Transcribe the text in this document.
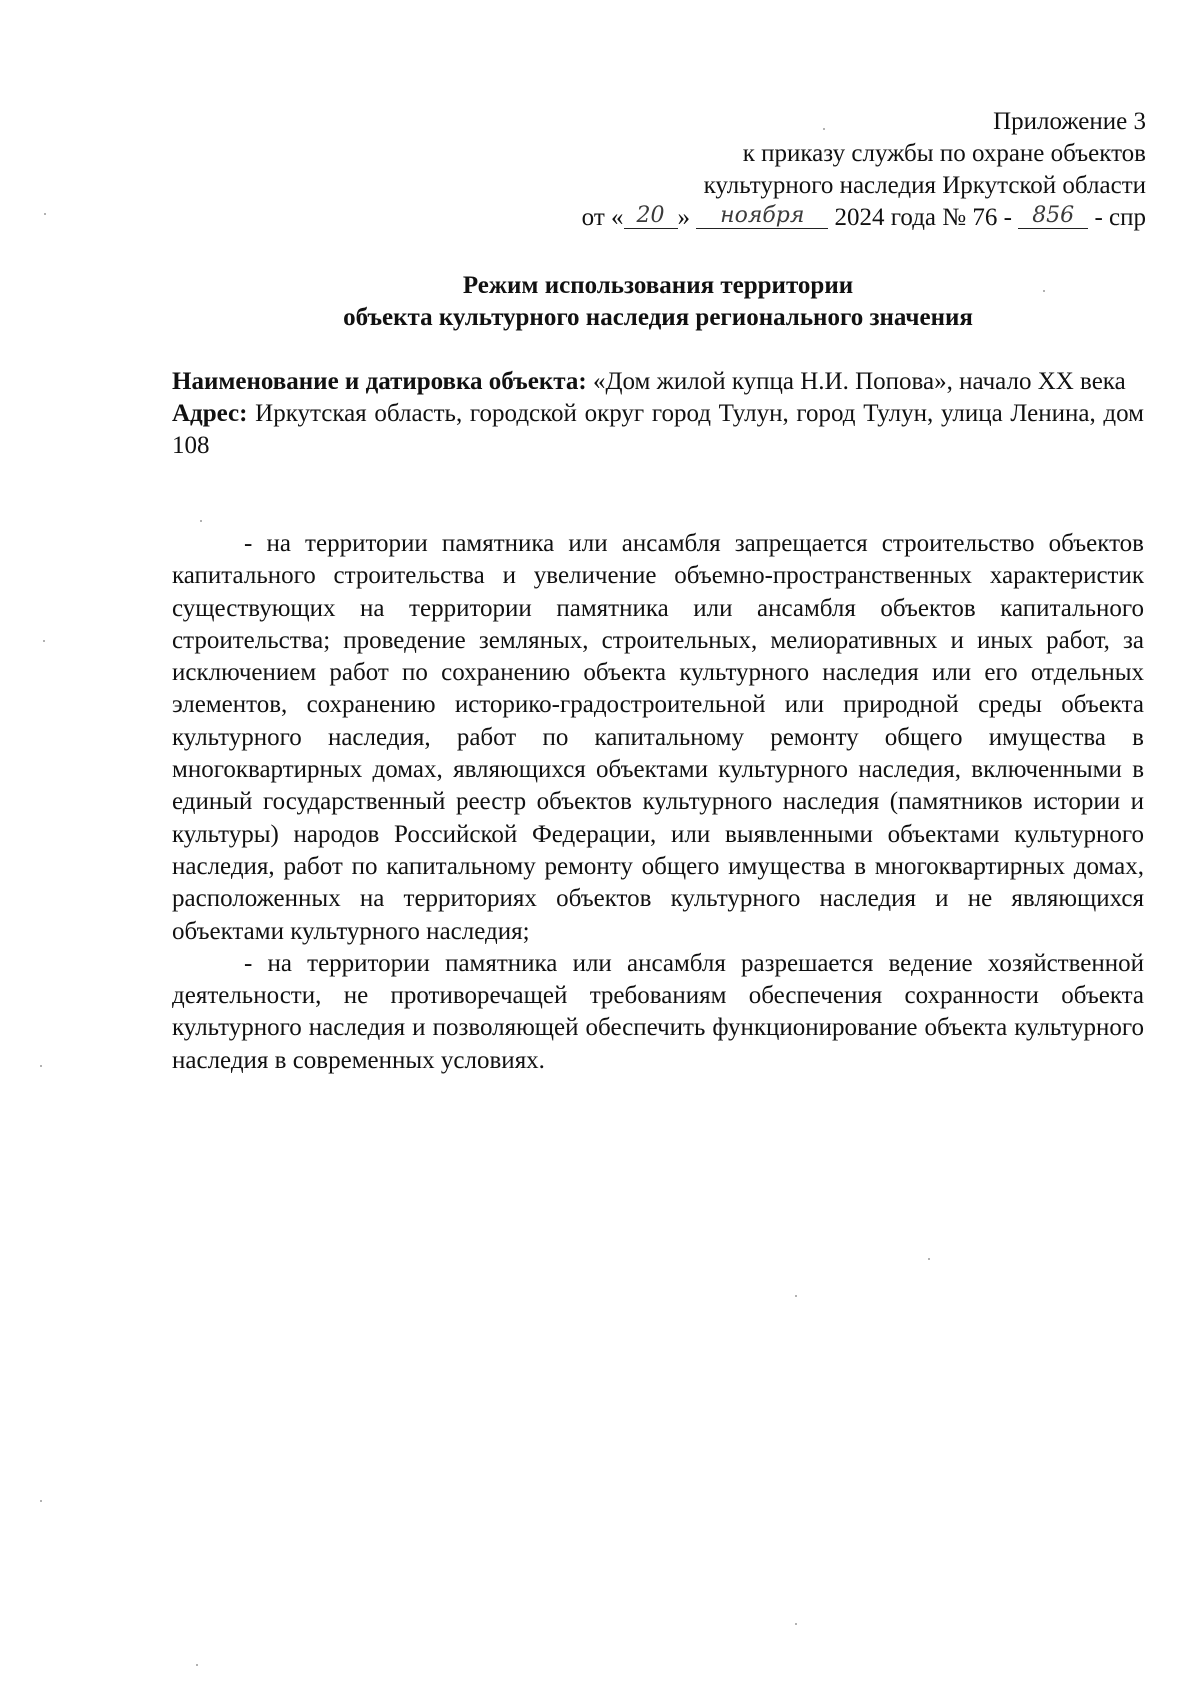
Приложение 3
к приказу службы по охране объектов
культурного наследия Иркутской области
от « 20 » ноября 2024 года № 76 - 856 - спр
Режим использования территории
объекта культурного наследия регионального значения

Наименование и датировка объекта: «Дом жилой купца Н.И. Попова», начало XX века

Адрес: Иркутская область, городской округ город Тулун, город Тулун, улица Ленина, дом 108

- на территории памятника или ансамбля запрещается строительство объектов капитального строительства и увеличение объемно-пространственных характеристик существующих на территории памятника или ансамбля объектов капитального строительства; проведение земляных, строительных, мелиоративных и иных работ, за исключением работ по сохранению объекта культурного наследия или его отдельных элементов, сохранению историко-градостроительной или природной среды объекта культурного наследия, работ по капитальному ремонту общего имущества в многоквартирных домах, являющихся объектами культурного наследия, включенными в единый государственный реестр объектов культурного наследия (памятников истории и культуры) народов Российской Федерации, или выявленными объектами культурного наследия, работ по капитальному ремонту общего имущества в многоквартирных домах, расположенных на территориях объектов культурного наследия и не являющихся объектами культурного наследия;

- на территории памятника или ансамбля разрешается ведение хозяйственной деятельности, не противоречащей требованиям обеспечения сохранности объекта культурного наследия и позволяющей обеспечить функционирование объекта культурного наследия в современных условиях.
